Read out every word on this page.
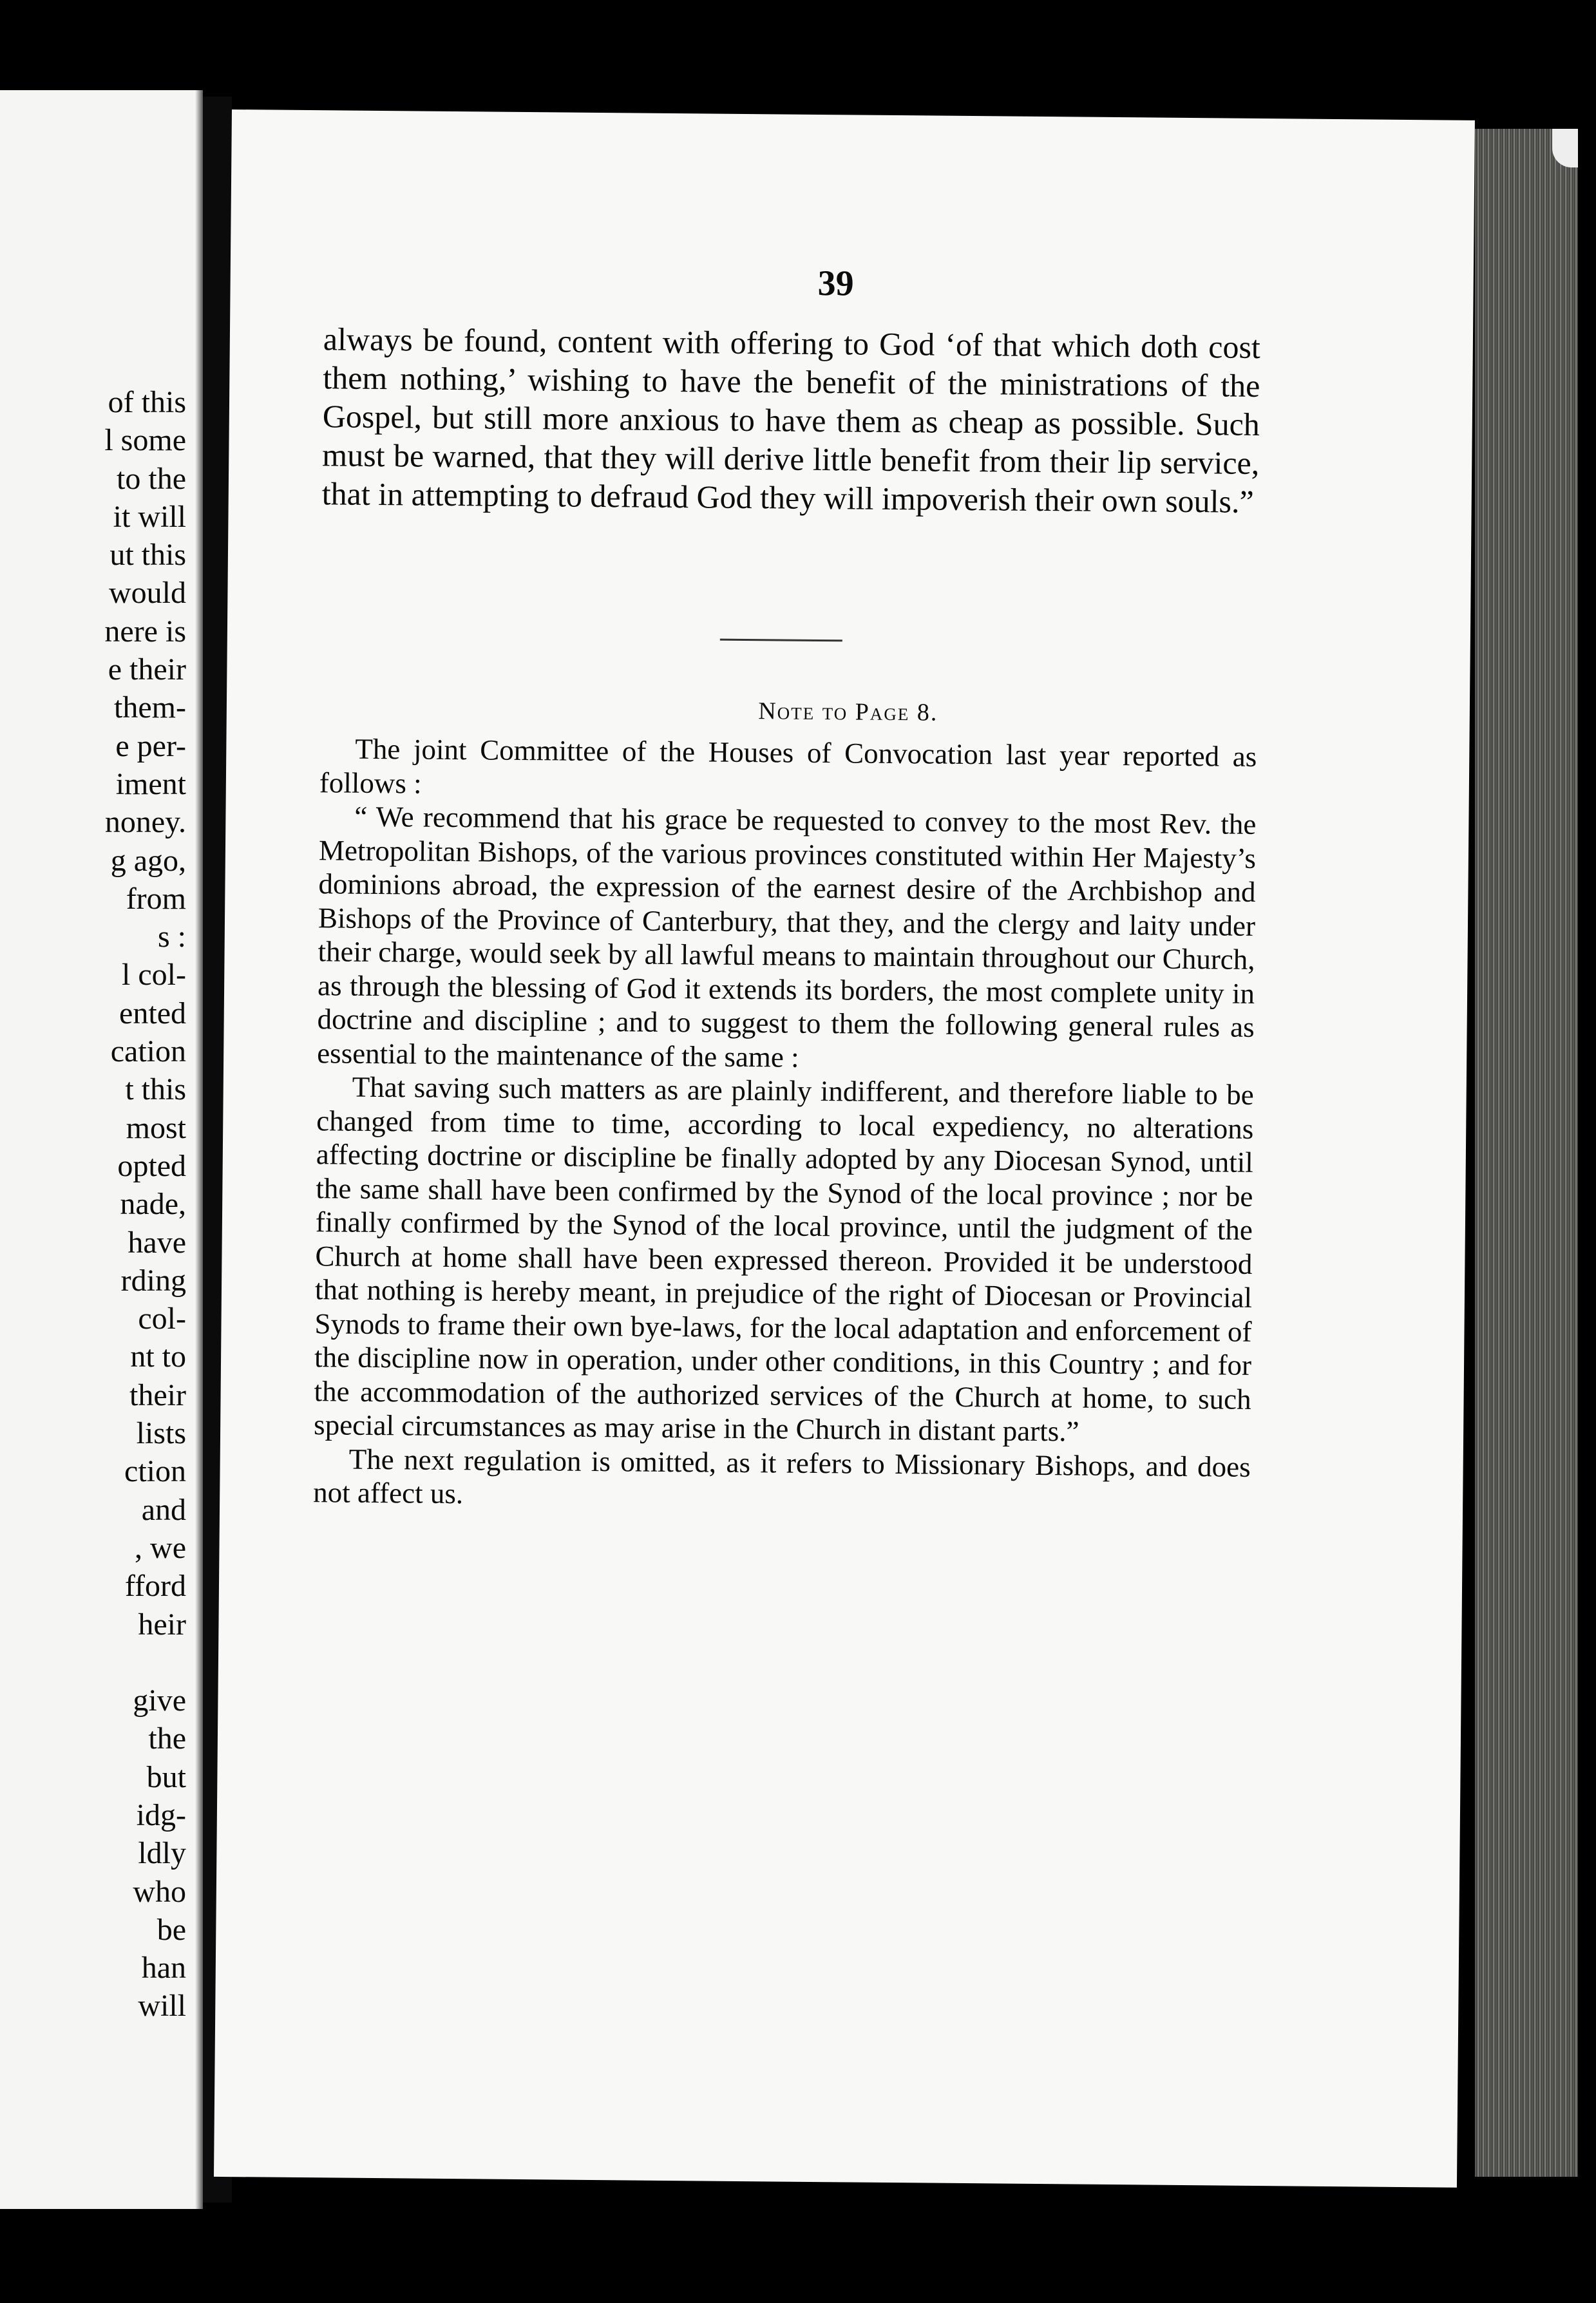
of this
l some
to the
it will
ut this
would
nere is
e their
them-
e per-
iment
noney.
g ago,
from
s :
l col-
ented
cation
t this
most
opted
nade,
have
rding
col-
nt to
their
lists
ction
and
, we
fford
heir
give
the
but
idg-
ldly
who
be
han
will
39
always be found, content with offering to God ‘of that which doth cost them nothing,’ wishing to have the benefit of the ministrations of the Gospel, but still more anxious to have them as cheap as possible. Such must be warned, that they will derive little benefit from their lip service, that in attempting to defraud God they will impoverish their own souls.”
Note to Page 8.

The joint Committee of the Houses of Convocation last year reported as follows :

“ We recommend that his grace be requested to convey to the most Rev. the Metropolitan Bishops, of the various provinces constituted within Her Majesty’s dominions abroad, the expression of the earnest desire of the Archbishop and Bishops of the Province of Canterbury, that they, and the clergy and laity under their charge, would seek by all lawful means to maintain throughout our Church, as through the blessing of God it extends its borders, the most complete unity in doctrine and discipline ; and to suggest to them the following general rules as essential to the maintenance of the same :

That saving such matters as are plainly indifferent, and therefore liable to be changed from time to time, according to local expediency, no alterations affecting doctrine or discipline be finally adopted by any Diocesan Synod, until the same shall have been confirmed by the Synod of the local province ; nor be finally confirmed by the Synod of the local province, until the judgment of the Church at home shall have been expressed thereon. Provided it be understood that nothing is hereby meant, in prejudice of the right of Diocesan or Provincial Synods to frame their own bye-laws, for the local adaptation and enforcement of the discipline now in operation, under other conditions, in this Country ; and for the accommodation of the authorized services of the Church at home, to such special circumstances as may arise in the Church in distant parts.”

The next regulation is omitted, as it refers to Missionary Bishops, and does not affect us.
